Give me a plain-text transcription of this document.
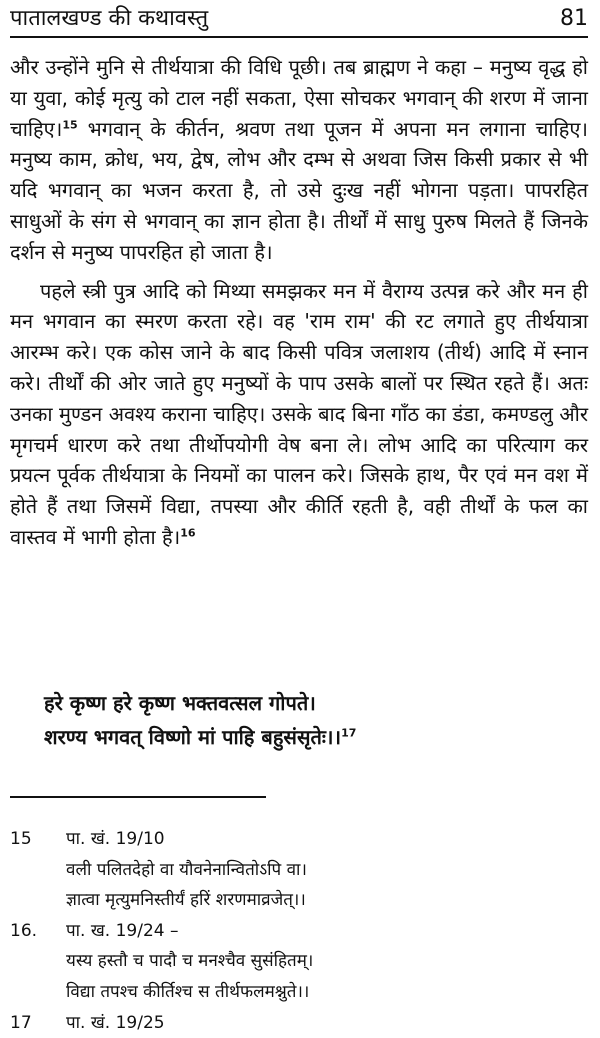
पातालखण्ड की कथावस्तु	81

और उन्होंने मुनि से तीर्थयात्रा की विधि पूछी। तब ब्राह्मण ने कहा – मनुष्य वृद्ध हो या युवा, कोई मृत्यु को टाल नहीं सकता, ऐसा सोचकर भगवान् की शरण में जाना चाहिए।$^{15}$ भगवान् के कीर्तन, श्रवण तथा पूजन में अपना मन लगाना चाहिए। मनुष्य काम, क्रोध, भय, द्वेष, लोभ और दम्भ से अथवा जिस किसी प्रकार से भी यदि भगवान् का भजन करता है, तो उसे दुःख नहीं भोगना पड़ता। पापरहित साधुओं के संग से भगवान् का ज्ञान होता है। तीर्थों में साधु पुरुष मिलते हैं जिनके दर्शन से मनुष्य पापरहित हो जाता है।

पहले स्त्री पुत्र आदि को मिथ्या समझकर मन में वैराग्य उत्पन्न करे और मन ही मन भगवान का स्मरण करता रहे। वह 'राम राम' की रट लगाते हुए तीर्थयात्रा आरम्भ करे। एक कोस जाने के बाद किसी पवित्र जलाशय (तीर्थ) आदि में स्नान करे। तीर्थों की ओर जाते हुए मनुष्यों के पाप उसके बालों पर स्थित रहते हैं। अतः उनका मुण्डन अवश्य कराना चाहिए। उसके बाद बिना गाँठ का डंडा, कमण्डलु और मृगचर्म धारण करे तथा तीर्थोपयोगी वेष बना ले। लोभ आदि का परित्याग कर प्रयत्न पूर्वक तीर्थयात्रा के नियमों का पालन करे। जिसके हाथ, पैर एवं मन वश में होते हैं तथा जिसमें विद्या, तपस्या और कीर्ति रहती है, वही तीर्थों के फल का वास्तव में भागी होता है।$^{16}$

हरे कृष्ण हरे कृष्ण भक्तवत्सल गोपते।
शरण्य भगवत् विष्णो मां पाहि बहुसंसृतेः।।$^{17}$
15	पा. खं. 19/10
वली पलितदेहो वा यौवनेनान्वितोऽपि वा।
ज्ञात्वा मृत्युमनिस्तीर्यं हरिं शरणमाव्रजेत्।।
16.	पा. ख. 19/24 –
यस्य हस्तौ च पादौ च मनश्चैव सुसंहितम्।
विद्या तपश्च कीर्तिश्च स तीर्थफलमश्नुते।।
17	पा. खं. 19/25
